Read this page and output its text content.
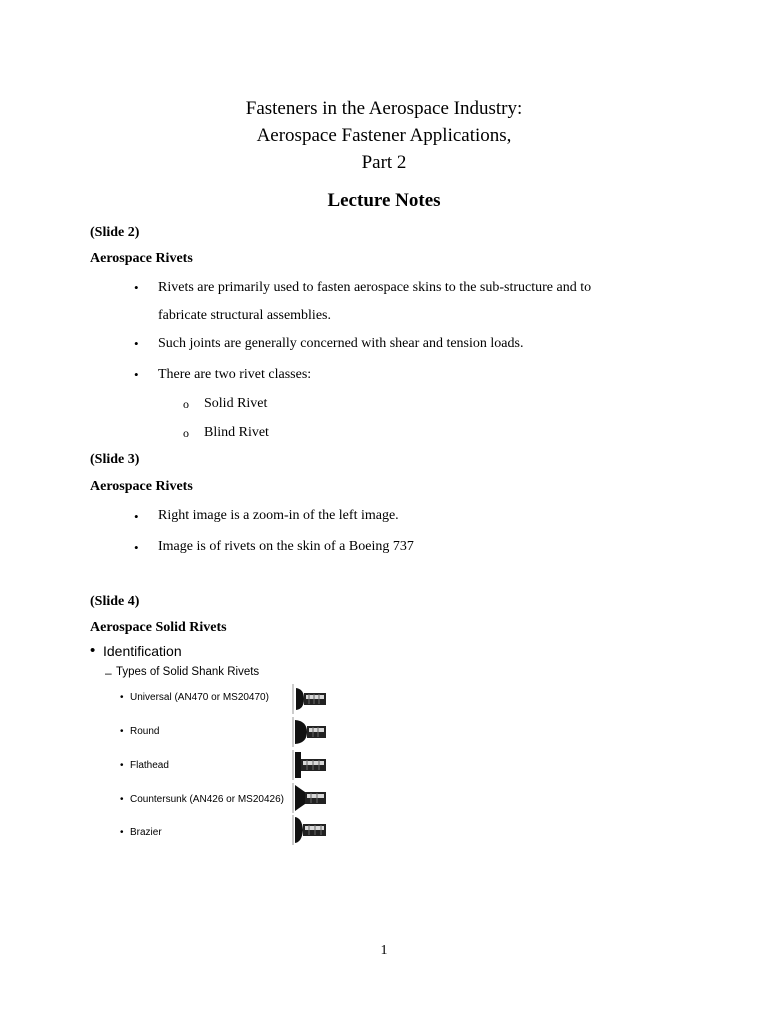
Fasteners in the Aerospace Industry:
Aerospace Fastener Applications,
Part 2
Lecture Notes
(Slide 2)
Aerospace Rivets
• Rivets are primarily used to fasten aerospace skins to the sub-structure and to
fabricate structural assemblies.
• Such joints are generally concerned with shear and tension loads.
• There are two rivet classes:
o Solid Rivet
o Blind Rivet
(Slide 3)
Aerospace Rivets
• Right image is a zoom-in of the left image.
• Image is of rivets on the skin of a Boeing 737
(Slide 4)
Aerospace Solid Rivets
• Identification
– Types of Solid Shank Rivets
• Universal (AN470 or MS20470)
• Round
• Flathead
• Countersunk (AN426 or MS20426)
• Brazier
1
